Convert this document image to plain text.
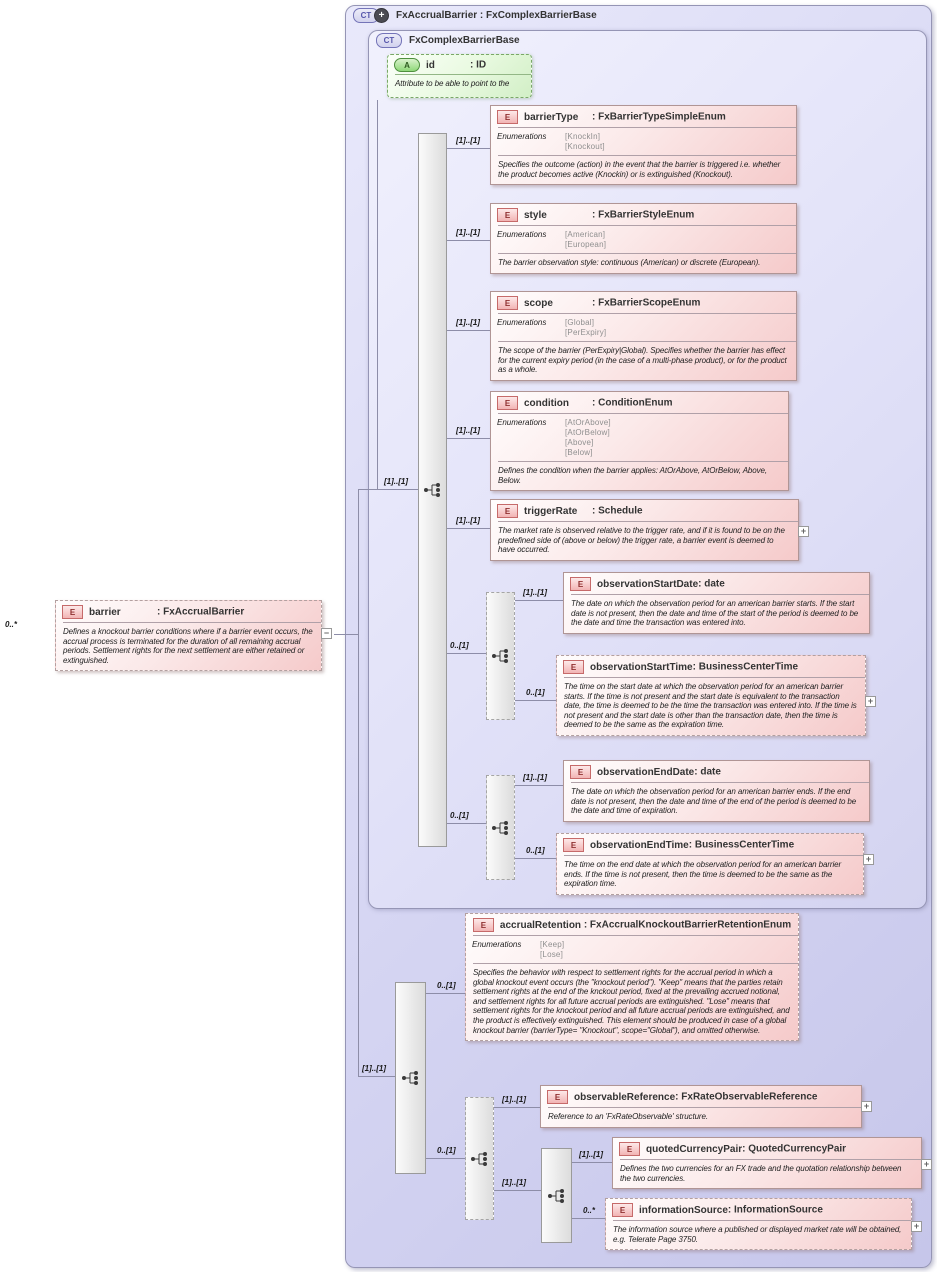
CT +	FxAccrualBarrier : FxComplexBarrierBase
CT	FxComplexBarrierBase
A id	: ID
Attribute to be able to point to the
0..*
E barrier	: FxAccrualBarrier
Defines a knockout barrier conditions where if a barrier event occurs, the accrual process is terminated for the duration of all remaining accrual periods. Settlement rights for the next settlement are either retained or extinguished.
−
[1]..[1]
[1]..[1]
[1]..[1]
[1]..[1]
[1]..[1]
[1]..[1]
0..[1]
[1]..[1]
0..[1]
0..[1]
[1]..[1]
0..[1]
[1]..[1]
0..[1]
0..[1]
[1]..[1]
[1]..[1]
[1]..[1]
0..*
E barrierType : FxBarrierTypeSimpleEnum
Enumerations	[KnockIn]
[Knockout]
Specifies the outcome (action) in the event that the barrier is triggered i.e. whether the product becomes active (Knockin) or is extinguished (Knockout).
E style	: FxBarrierStyleEnum
Enumerations	[American]
[European]
The barrier observation style: continuous (American) or discrete (European).
E scope	: FxBarrierScopeEnum
Enumerations	[Global]
[PerExpiry]
The scope of the barrier (PerExpiry|Global). Specifies whether the barrier has effect for the current expiry period (in the case of a multi-phase product), or for the product as a whole.
E condition : ConditionEnum
Enumerations	[AtOrAbove]
[AtOrBelow]
[Above]
[Below]
Defines the condition when the barrier applies: AtOrAbove, AtOrBelow, Above, Below.
E triggerRate : Schedule
The market rate is observed relative to the trigger rate, and if it is found to be on the predefined side of (above or below) the trigger rate, a barrier event is deemed to have occurred.
+
E observationStartDate: date
The date on which the observation period for an american barrier starts. If the start date is not present, then the date and time of the start of the period is deemed to be the date and time the transaction was entered into.
E observationStartTime: BusinessCenterTime
The time on the start date at which the observation period for an american barrier starts. If the time is not present and the start date is equivalent to the transaction date, the time is deemed to be the time the transaction was entered into. If the time is not present and the start date is other than the transaction date, then the time is deemed to be the same as the expiration time.
+
E observationEndDate: date
The date on which the observation period for an american barrier ends. If the end date is not present, then the date and time of the end of the period is deemed to be the date and time of expiration.
E observationEndTime: BusinessCenterTime
The time on the end date at which the observation period for an american barrier ends. If the time is not present, then the time is deemed to be the same as the expiration time.
+
E accrualRetention : FxAccrualKnockoutBarrierRetentionEnum
Enumerations	[Keep]
[Lose]
Specifies the behavior with respect to settlement rights for the accrual period in which a global knockout event occurs (the "knockout period"). "Keep" means that the parties retain settlement rights at the end of the knckout period, fixed at the prevailing accrued notional, and settlement rights for all future accrual periods are extinguished. "Lose" means that settlement rights for the knockout period and all future accrual periods are extinguished, and the product is effectively extinguished. This element should be produced in case of a global knockout barrier (barrierType= "Knockout", scope="Global"), and omitted otherwise.
E observableReference: FxRateObservableReference
Reference to an 'FxRateObservable' structure.
+
E quotedCurrencyPair: QuotedCurrencyPair
Defines the two currencies for an FX trade and the quotation relationship between the two currencies.
+
E informationSource: InformationSource
The information source where a published or displayed market rate will be obtained, e.g. Telerate Page 3750.
+
